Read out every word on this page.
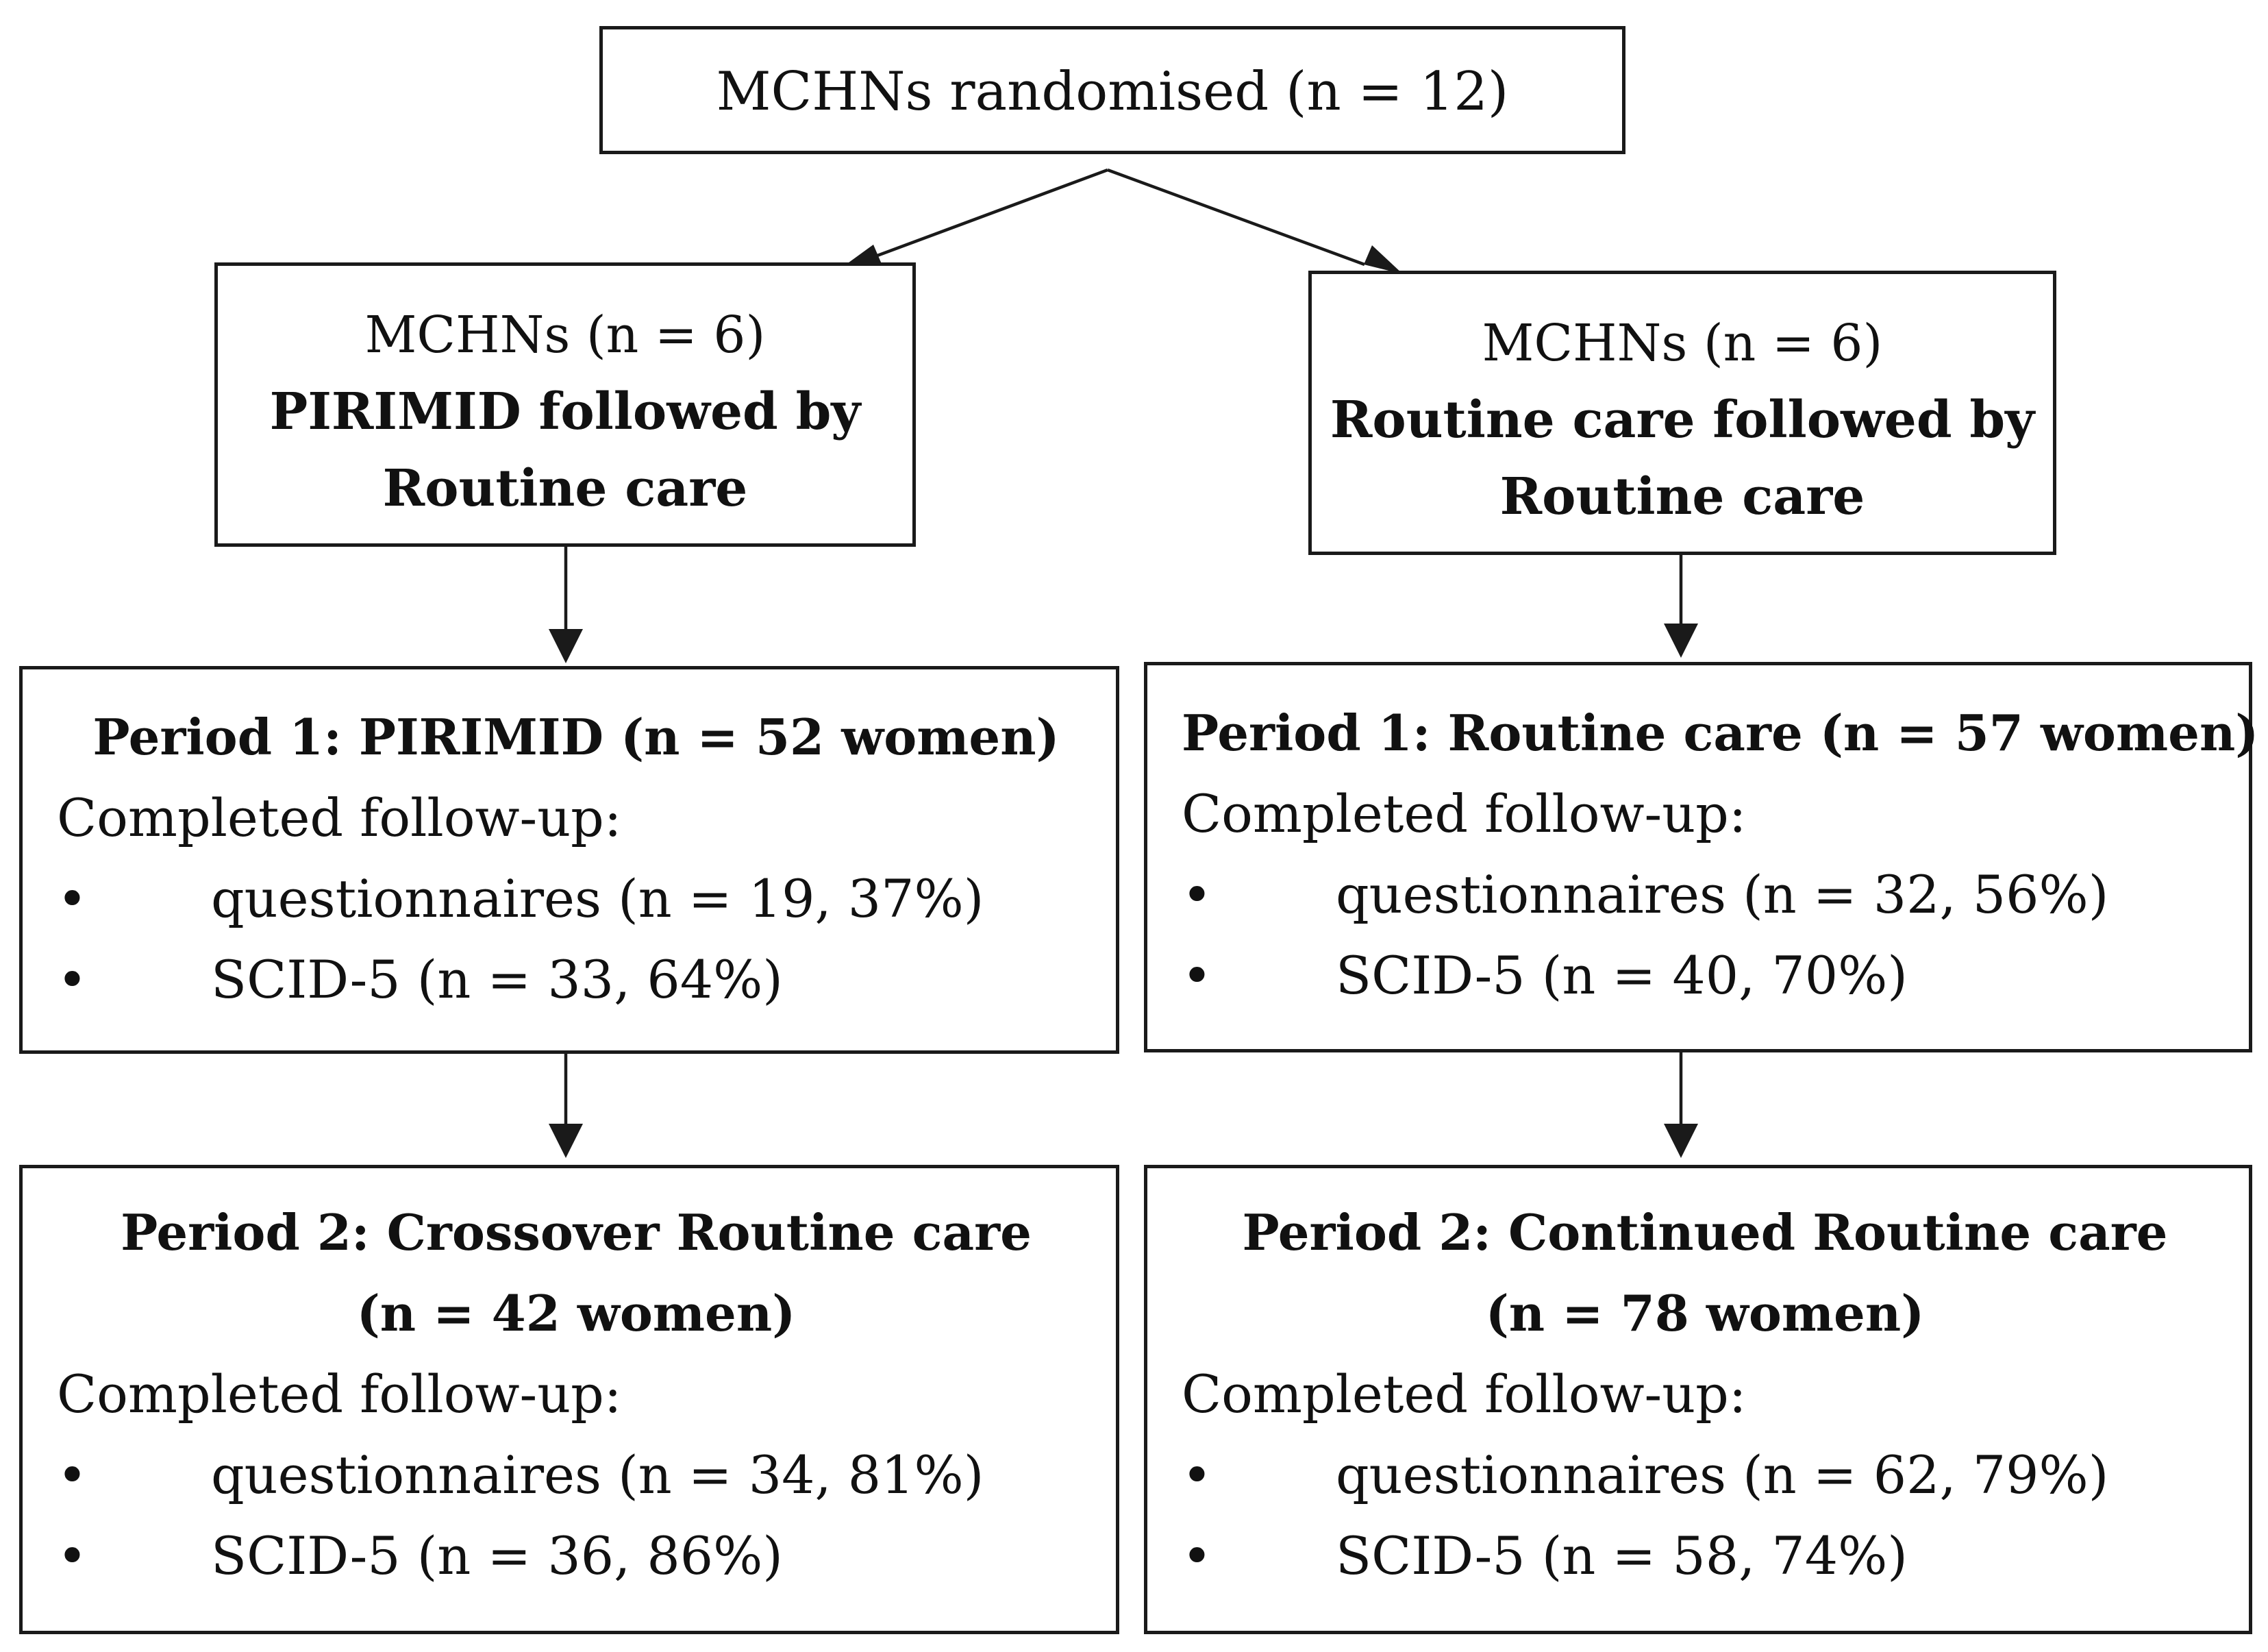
MCHNs randomised (n = 12)
MCHNs (n = 6)
PIRIMID followed by
Routine care
MCHNs (n = 6)
Routine care followed by
Routine care
Period 1: PIRIMID (n = 52 women)
Completed follow-up:
• questionnaires (n = 19, 37%)
• SCID-5 (n = 33, 64%)
Period 1: Routine care (n = 57 women)
Completed follow-up:
• questionnaires (n = 32, 56%)
• SCID-5 (n = 40, 70%)
Period 2: Crossover Routine care
(n = 42 women)
Completed follow-up:
• questionnaires (n = 34, 81%)
• SCID-5 (n = 36, 86%)
Period 2: Continued Routine care
(n = 78 women)
Completed follow-up:
• questionnaires (n = 62, 79%)
• SCID-5 (n = 58, 74%)
